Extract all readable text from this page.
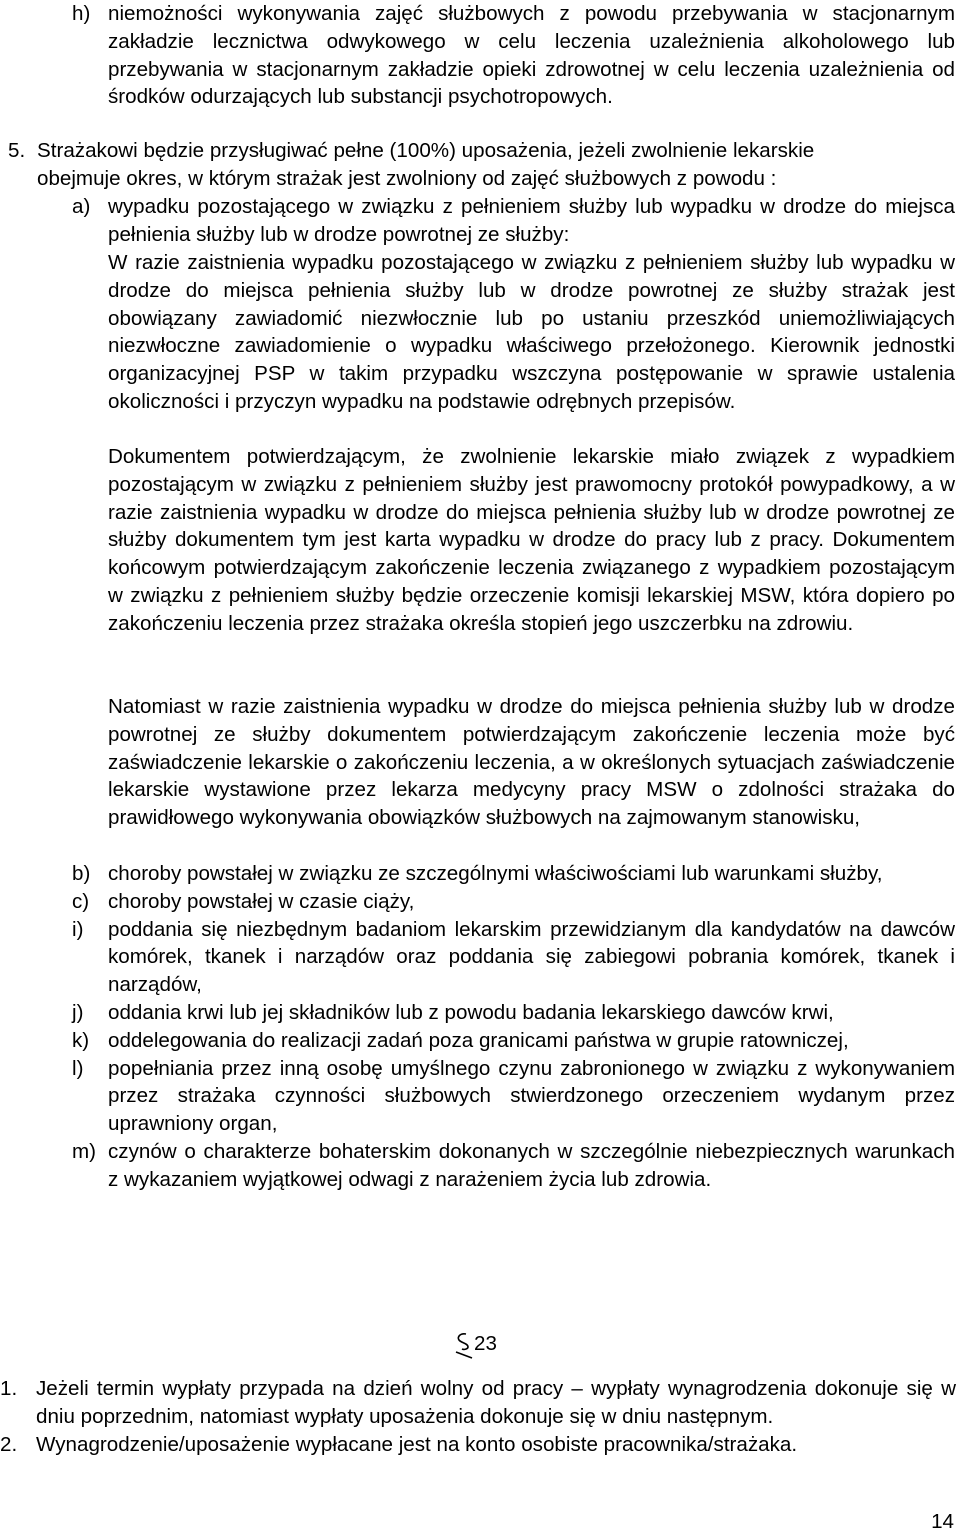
h) niemożności wykonywania zajęć służbowych z powodu przebywania w stacjonarnym zakładzie lecznictwa odwykowego w celu leczenia uzależnienia alkoholowego lub przebywania w stacjonarnym zakładzie opieki zdrowotnej w celu leczenia uzależnienia od środków odurzających lub substancji psychotropowych.
5. Strażakowi będzie przysługiwać pełne (100%) uposażenia, jeżeli zwolnienie lekarskie
obejmuje okres, w którym strażak jest zwolniony od zajęć służbowych z powodu :
a) wypadku pozostającego w związku z pełnieniem służby lub wypadku w drodze do miejsca pełnienia służby lub w drodze powrotnej ze służby:
W razie zaistnienia wypadku pozostającego w związku z pełnieniem służby lub wypadku w drodze do miejsca pełnienia służby lub w drodze powrotnej ze służby strażak jest obowiązany zawiadomić niezwłocznie lub po ustaniu przeszkód uniemożliwiających niezwłoczne zawiadomienie o wypadku właściwego przełożonego. Kierownik jednostki organizacyjnej PSP w takim przypadku wszczyna postępowanie w sprawie ustalenia okoliczności i przyczyn wypadku na podstawie odrębnych przepisów.
Dokumentem potwierdzającym, że zwolnienie lekarskie miało związek z wypadkiem pozostającym w związku z pełnieniem służby jest prawomocny protokół powypadkowy, a w razie zaistnienia wypadku w drodze do miejsca pełnienia służby lub w drodze powrotnej ze służby dokumentem tym jest karta wypadku w drodze do pracy lub z pracy. Dokumentem końcowym potwierdzającym zakończenie leczenia związanego z wypadkiem pozostającym w związku z pełnieniem służby będzie orzeczenie komisji lekarskiej MSW, która dopiero po zakończeniu leczenia przez strażaka określa stopień jego uszczerbku na zdrowiu.
Natomiast w razie zaistnienia wypadku w drodze do miejsca pełnienia służby lub w drodze powrotnej ze służby dokumentem potwierdzającym zakończenie leczenia może być zaświadczenie lekarskie o zakończeniu leczenia, a w określonych sytuacjach zaświadczenie lekarskie wystawione przez lekarza medycyny pracy MSW o zdolności strażaka do prawidłowego wykonywania obowiązków służbowych na zajmowanym stanowisku,
b) choroby powstałej w związku ze szczególnymi właściwościami lub warunkami służby,
c) choroby powstałej w czasie ciąży,
i)	poddania się niezbędnym badaniom lekarskim przewidzianym dla kandydatów na dawców komórek, tkanek i narządów oraz poddania się zabiegowi pobrania komórek, tkanek i narządów,
j)	oddania krwi lub jej składników lub z powodu badania lekarskiego dawców krwi,
k) oddelegowania do realizacji zadań poza granicami państwa w grupie ratowniczej,
l)	popełniania przez inną osobę umyślnego czynu zabronionego w związku z wykonywaniem przez strażaka czynności służbowych stwierdzonego orzeczeniem wydanym przez uprawniony organ,
m) czynów o charakterze bohaterskim dokonanych w szczególnie niebezpiecznych warunkach z wykazaniem wyjątkowej odwagi z narażeniem życia lub zdrowia.
23
1. Jeżeli termin wypłaty przypada na dzień wolny od pracy – wypłaty wynagrodzenia dokonuje się w dniu poprzednim, natomiast wypłaty uposażenia dokonuje się w dniu następnym.
2. Wynagrodzenie/uposażenie wypłacane jest na konto osobiste pracownika/strażaka.
14
